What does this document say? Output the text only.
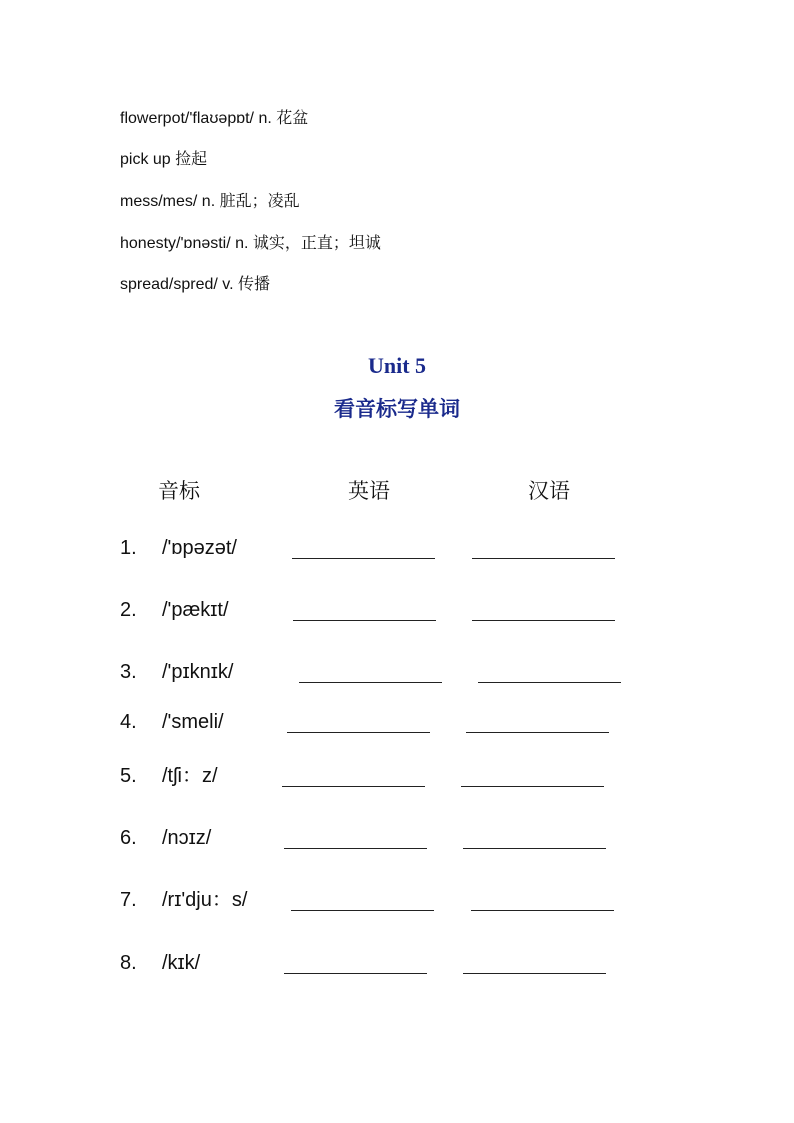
flowerpot/'flaʊəpɒt/ n. 花盆
pick up 捡起
mess/mes/ n. 脏乱；凌乱
honesty/'ɒnəsti/ n. 诚实，正直；坦诚
spread/spred/ v. 传播
Unit 5
看音标写单词
音标	英语	汉语
1. /'ɒpəzət/
2. /'pækɪt/
3. /'pɪknɪk/
4. /'smeli/
5. /tʃi：z/
6. /nɔɪz/
7. /rɪ'dju：s/
8. /kɪk/
